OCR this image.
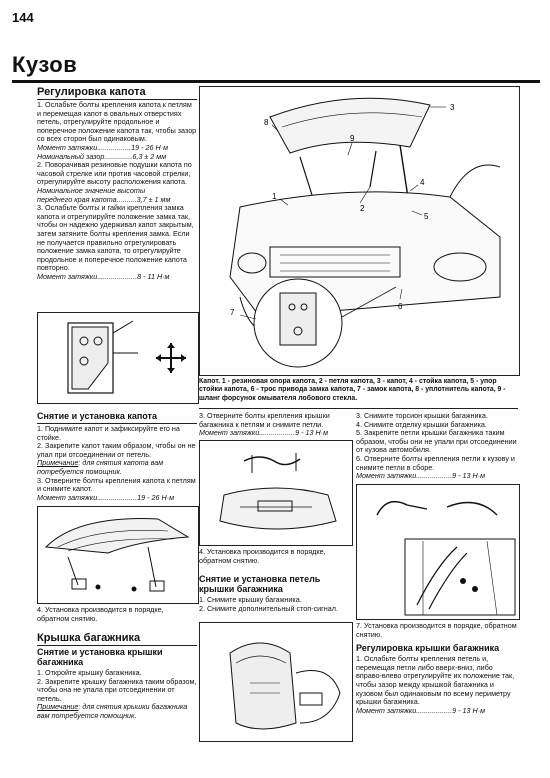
144
Кузов
Регулировка капота

1. Ослабьте болты крепления капота к петлям и перемещая капот в овальных отверстиях петель, отрегулируйте продольное и поперечное положение капота так, чтобы зазор со всех сторон был одинаковым.

Момент затяжки.................19 - 26 Н·м

Номинальный зазор..............6,3 ± 2 мм

2. Поворачивая резиновые подушки капота по часовой стрелке или против часовой стрелки, отрегулируйте высоту расположения капота.

Номинальное значение высоты

переднего края капота..........3,7 ± 1 мм

3. Ослабьте болты и гайки крепления замка капота и отрегулируйте положение замка так, чтобы он надежно удерживал капот закрытым, затем затяните болты крепления замка. Если не получается правильно отрегулировать положение замка капота, то отрегулируйте продольное и поперечное положение капота повторно.

Момент затяжки....................8 - 11 Н·м

Снятие и установка капота

1. Поднимите капот и зафиксируйте его на стойке.

2. Закрепите капот таким образом, чтобы он не упал при отсоединении от петель.

Примечание: для снятия капота вам потребуется помощник.

3. Отверните болты крепления капота к петлям и снимите капот.

Момент затяжки....................19 - 26 Н·м

4. Установка производится в порядке, обратном снятию.
Крышка багажника
Снятие и установка крышки багажника

1. Откройте крышку багажника.

2. Закрепите крышку багажника таким образом, чтобы она не упала при отсоединении от петель.

Примечание: для снятия крышки багажника вам потребуется помощник.

3
8
9
2
1
4
5
6
7
Капот. 1 - резиновая опора капота, 2 - петля капота, 3 - капот, 4 - стойка капота, 5 - упор стойки капота, 6 - трос привода замка капота, 7 - замок капота, 8 - уплотнитель капота, 9 - шланг форсунок омывателя лобового стекла.

3. Отверните болты крепления крышки багажника к петлям и снимите петли.

Момент затяжки..................9 - 13 Н·м

4. Установка производится в порядке, обратном снятию.
Снятие и установка петель крышки багажника

1. Снимите крышку багажника.

2. Снимите дополнительный стоп-сигнал.

3. Снимите торсион крышки багажника.

4. Снимите отделку крышки багажника.

5. Закрепите петли крышки багажника таким образом, чтобы они не упали при отсоединении от кузова автомобиля.

6. Отверните болты крепления петли к кузову и снимите петли в сборе.

Момент затяжки..................9 - 13 Н·м

7. Установка производится в порядке, обратном снятию.
Регулировка крышки багажника

1. Ослабьте болты крепления петель и, перемещая петли либо вверх-вниз, либо вправо-влево отрегулируйте их положение так, чтобы зазор между крышкой багажника и кузовом был одинаковым по всему периметру крышки багажника.

Момент затяжки..................9 - 13 Н·м
